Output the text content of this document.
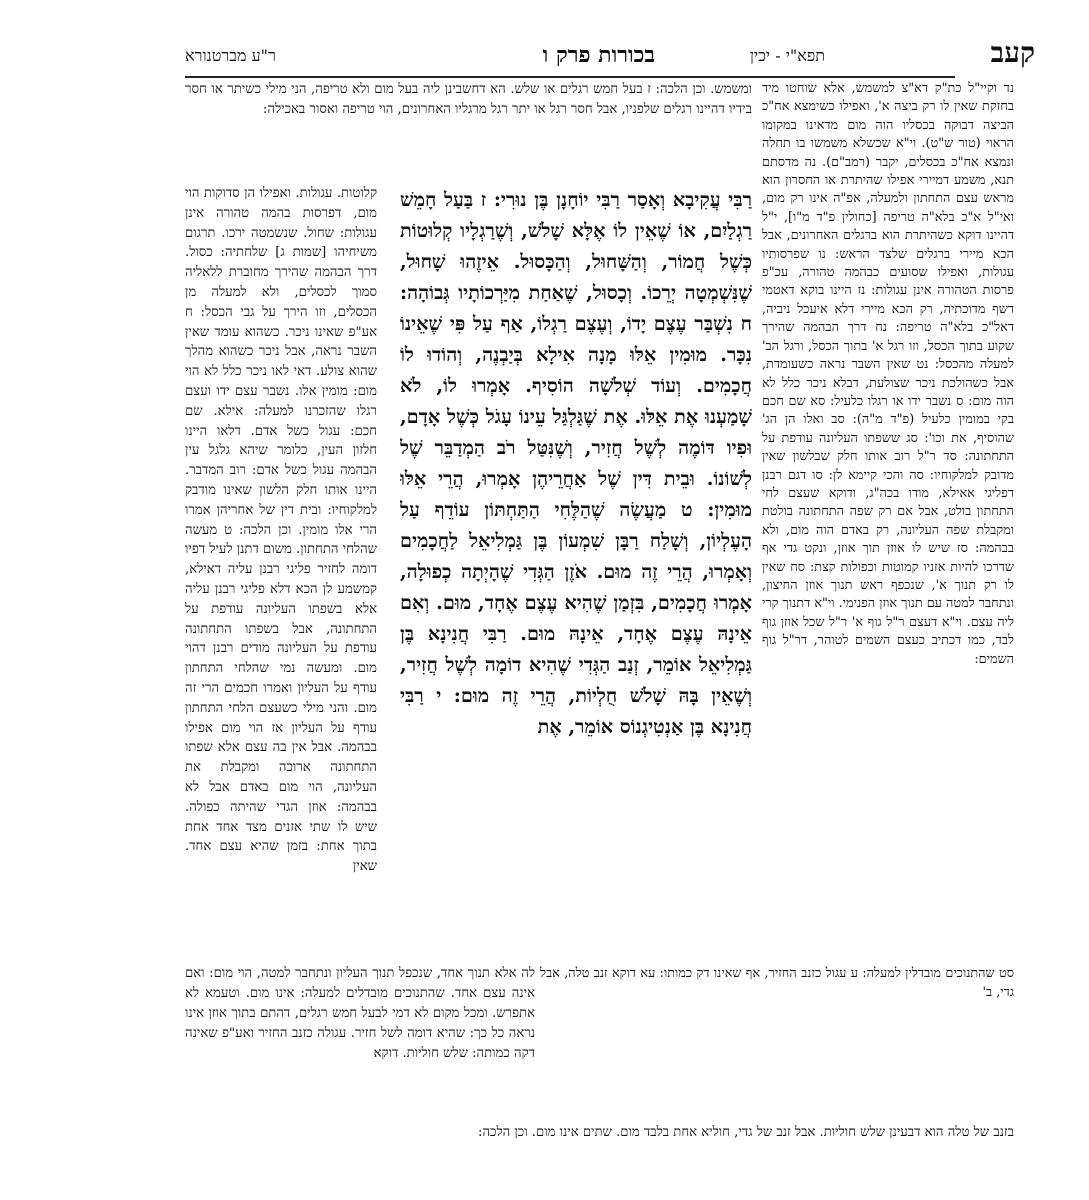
קעב
תפא"י - יכין
בכורות פרק ו
ר"ע מברטנורא

נד וקיי"ל כת"ק דא"צ למשמש, אלא שוחטו מיד בחזקת שאין לו רק ביצה א', ואפילו כשימצא אח"כ הביצה דבוקה בכסליו הוה מום מדאינו במקומו הראוי (טור ש"ט). וי"א שכשלא משמשו בו תחלה ונמצא אח"כ בכסלים, יקבר (רמב"ם). נה מדסתם תנא, משמע דמיירי אפילו שהיתרת או החסרון הוא מראש עצם התחתון ולמעלה, אפ"ה אינו רק מום, ואי"ל א"כ בלא"ה טריפה [כחולין פ"ד מ"ו], י"ל דהיינו דוקא כשהיתרת הוא ברגלים האחרונים, אבל הכא מיירי ברגלים שלצד הראש: נו שפרסותיו עגולות, ואפילו שסועים כבהמה טהורה, עכ"פ פרסות הטהורה אינן עגולות: נז היינו בוקא דאטמי דשף מדוכתיה, רק הכא מיירי דלא איעכל ניביה, דאל"כ בלא"ה טריפה: נח דרך הבהמה שהירך שקוע בתוך הכסל, וזו רגל א' בתוך הכסל, ורגל הב' למעלה מהכסל: נט שאין השבר נראה כשעומדת, אבל כשהולכת ניכר שצולעת, דבלא ניכר כלל לא הוה מום: ס נשבר ידו או רגלו כלעיל: סא שם חכם בקי במומין כלעיל (פ"ד מ"ה): סב ואלו הן הג' שהוסיף, את וכו': סג ששפתו העליונה עודפת על התחתונה: סד ר"ל רוב אותו חלק שבלשון שאין מדובק למלקוחיו: סה והכי קיימא לן: סו דגם רבנן דפליגי אאילא, מודו בכה"ג, ודוקא שעצם לחי התחתון בולט, אבל אם רק שפה התחתונה בולטת ומקבלת שפה העליונה, רק באדם הוה מום, ולא בבהמה: סז שיש לו אוזן תוך אוזן, ונקט גדי אף שדרכו להיות אזניו קמוטות וכפולות קצת: סח שאין לו רק תנוך א', שנכפף ראש תנוך אוזן החיצון, ונתחבר למטה עם תנוך אוזן הפנימי. וי"א דתנוך קרי ליה עצם. וי"א דעצם ר"ל גוף א' ר"ל שכל אוזן גוף לבד, כמו דכתיב כעצם השמים לטוהר, דר"ל גוף השמים:

ומשמש. וכן הלכה: ז בעל חמש רגלים או שלש. הא דחשבינן ליה בעל מום ולא טריפה, הני מילי כשיתר או חסר בידיו דהיינו רגלים שלפניו, אבל חסר רגל או יתר רגל מרגליו האחרונים, הוי טריפה ואסור באכילה:

רַבִּי עֲקִיבָא וְאָסַר רַבִּי יוֹחָנָן בֶּן נוּרִי: ז בַּעַל חָמֵשׁ רַגְלַיִם, אוֹ שֶׁאֵין לוֹ אֶלָּא שָׁלֹשׁ, וְשֶׁרַגְלָיו קְלוּטוֹת כְּשֶׁל חֲמוֹר, וְהַשָּׁחוּל, וְהַכָּסוּל. אֵיזֶהוּ שָׁחוּל, שֶׁנִּשְׁמְטָה יְרֵכוֹ. וְכָסוּל, שֶׁאַחַת מִיַּרְכוֹתָיו גְּבוֹהָה: ח נִשְׁבַּר עֶצֶם יָדוֹ, וְעֶצֶם רַגְלוֹ, אַף עַל פִּי שֶׁאֵינוֹ נִכָּר. מוּמִין אֵלּוּ מָנָה אִילָא בְּיַבְנֶה, וְהוֹדוּ לוֹ חֲכָמִים. וְעוֹד שְׁלֹשָׁה הוֹסִיף. אָמְרוּ לוֹ, לֹא שָׁמַעְנוּ אֶת אֵלּוּ. אֶת שֶׁגַּלְגַּל עֵינוֹ עָגֹל כְּשֶׁל אָדָם, וּפִיו דּוֹמֶה לְשֶׁל חֲזִיר, וְשֶׁנִּטַּל רֹב הַמְדַבֵּר שֶׁל לְשׁוֹנוֹ. וּבֵית דִּין שֶׁל אַחֲרֵיהֶן אָמְרוּ, הֲרֵי אֵלּוּ מוּמִין: ט מַעֲשֶׂה שֶׁהַלֶּחִי הַתַּחְתּוֹן עוֹדֵף עַל הָעֶלְיוֹן, וְשָׁלַח רַבָּן שִׁמְעוֹן בֶּן גַּמְלִיאֵל לַחֲכָמִים וְאָמְרוּ, הֲרֵי זֶה מוּם. אֹזֶן הַגְּדִי שֶׁהָיְתָה כְפוּלָה, אָמְרוּ חֲכָמִים, בִּזְמַן שֶׁהִיא עֶצֶם אֶחָד, מוּם. וְאִם אֵינָהּ עֶצֶם אֶחָד, אֵינָהּ מוּם. רַבִּי חֲנִינָא בֶּן גַּמְלִיאֵל אוֹמֵר, זְנַב הַגְּדִי שֶׁהִיא דוֹמָה לְשֶׁל חֲזִיר, וְשֶׁאֵין בָּהּ שָׁלֹשׁ חֻלְיוֹת, הֲרֵי זֶה מוּם: י רַבִּי חֲנִינָא בֶּן אַנְטִיגְנוֹס אוֹמֵר, אֶת

קלוטות. עגולות. ואפילו הן סדוקות הוי מום, דפרסות בהמה טהורה אינן עגולות: שחול. שנשמטה ירכו. תרגום משיחיהו [שמות ג] שלחתיה: כסול. דרך הבהמה שהירך מחוברת ללאליה סמוך לכסלים, ולא למעלה מן הכסלים, וזו הירך על גבי הכסל: ח אע"פ שאינו ניכר. כשהוא עומד שאין השבר נראה, אבל ניכר כשהוא מהלך שהוא צולע. דאי לאו ניכר כלל לא הוי מום: מומין אלו. נשבר עצם ידו ועצם רגלו שהזכרנו למעלה: אילא. שם חכם: עגול כשל אדם. דלאו היינו חלזון העין, כלומר שיהא גלגל עין הבהמה עגול כשל אדם: רוב המדבר. היינו אותו חלק הלשון שאינו מודבק למלקוחיו: ובית דין של אחריהן אמרו הרי אלו מומין. וכן הלכה: ט מעשה שהלחי התחתון. משום דתנן לעיל דפיו דומה לחזיר פליגי רבנן עליה דאילא, קמשמע לן הכא דלא פליגי רבנן עליה אלא בשפתו העליונה עודפת על התחתונה, אבל בשפתו התחתונה עודפת על העליונה מודים רבנן דהוי מום. ומעשה נמי שהלחי התחתון עודף על העליון ואמרו חכמים הרי זה מום. והני מילי כשעצם הלחי התחתון עודף על העליון אז הוי מום אפילו בבהמה. אבל אין בה עצם אלא שפתו התחתונה ארוכה ומקבלת את העליונה, הוי מום באדם אבל לא בבהמה: אוזן הגדי שהיתה כפולה. שיש לו שתי אזנים מצד אחד אחת בתוך אחת: בזמן שהיא עצם אחד. שאין

סט שהתנוכים מובדלין למעלה: ע עגול כזנב החזיר, אף שאינו דק כמותו: עא דוקא זנב טלה, אבל גדי, ב'

לה אלא תנוך אחד, שנכפל תנוך העליון ונתחבר למטה, הוי מום: ואם אינה עצם אחד. שהתנוכים מובדלים למעלה: אינו מום. וטעמא לא אתפרש. ומכל מקום לא דמי לבעל חמש רגלים, דהתם בתוך אוזן אינו נראה כל כך: שהיא דומה לשל חזיר. עגולה כזנב החזיר ואע"פ שאינה דקה כמותה: שלש חוליות. דוקא

בזנב של טלה הוא דבעינן שלש חוליות. אבל זנב של גדי, חוליא אחת בלבד מום. שתים אינו מום. וכן הלכה:
